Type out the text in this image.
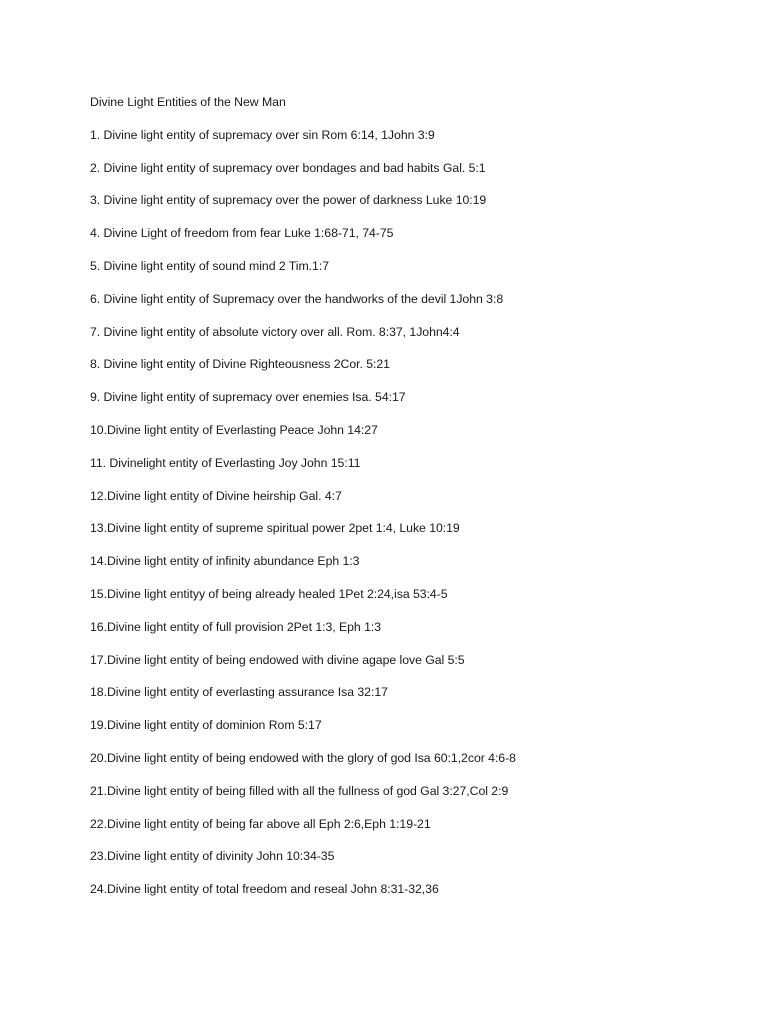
Divine Light Entities of the New Man
1. Divine light entity of supremacy over sin Rom 6:14, 1John 3:9
2. Divine light entity of supremacy over bondages and bad habits Gal. 5:1
3. Divine light entity of supremacy over the power of darkness Luke 10:19
4. Divine Light of freedom from fear Luke 1:68-71, 74-75
5. Divine light entity of sound mind 2 Tim.1:7
6. Divine light entity of Supremacy over the handworks of the devil 1John 3:8
7. Divine light entity of absolute victory over all. Rom. 8:37, 1John4:4
8. Divine light entity of Divine Righteousness 2Cor. 5:21
9. Divine light entity of supremacy over enemies Isa. 54:17
10.Divine light entity of Everlasting Peace John 14:27
11. Divinelight entity of Everlasting Joy John 15:11
12.Divine light entity of Divine heirship Gal. 4:7
13.Divine light entity of supreme spiritual power 2pet 1:4, Luke 10:19
14.Divine light entity of infinity abundance Eph 1:3
15.Divine light entityy of being already healed 1Pet 2:24,isa 53:4-5
16.Divine light entity of full provision 2Pet 1:3, Eph 1:3
17.Divine light entity of being endowed with divine agape love Gal 5:5
18.Divine light entity of everlasting assurance Isa 32:17
19.Divine light entity of dominion Rom 5:17
20.Divine light entity of being endowed with the glory of god Isa 60:1,2cor 4:6-8
21.Divine light entity of being filled with all the fullness of god Gal 3:27,Col 2:9
22.Divine light entity of being far above all Eph 2:6,Eph 1:19-21
23.Divine light entity of divinity John 10:34-35
24.Divine light entity of total freedom and reseal John 8:31-32,36
